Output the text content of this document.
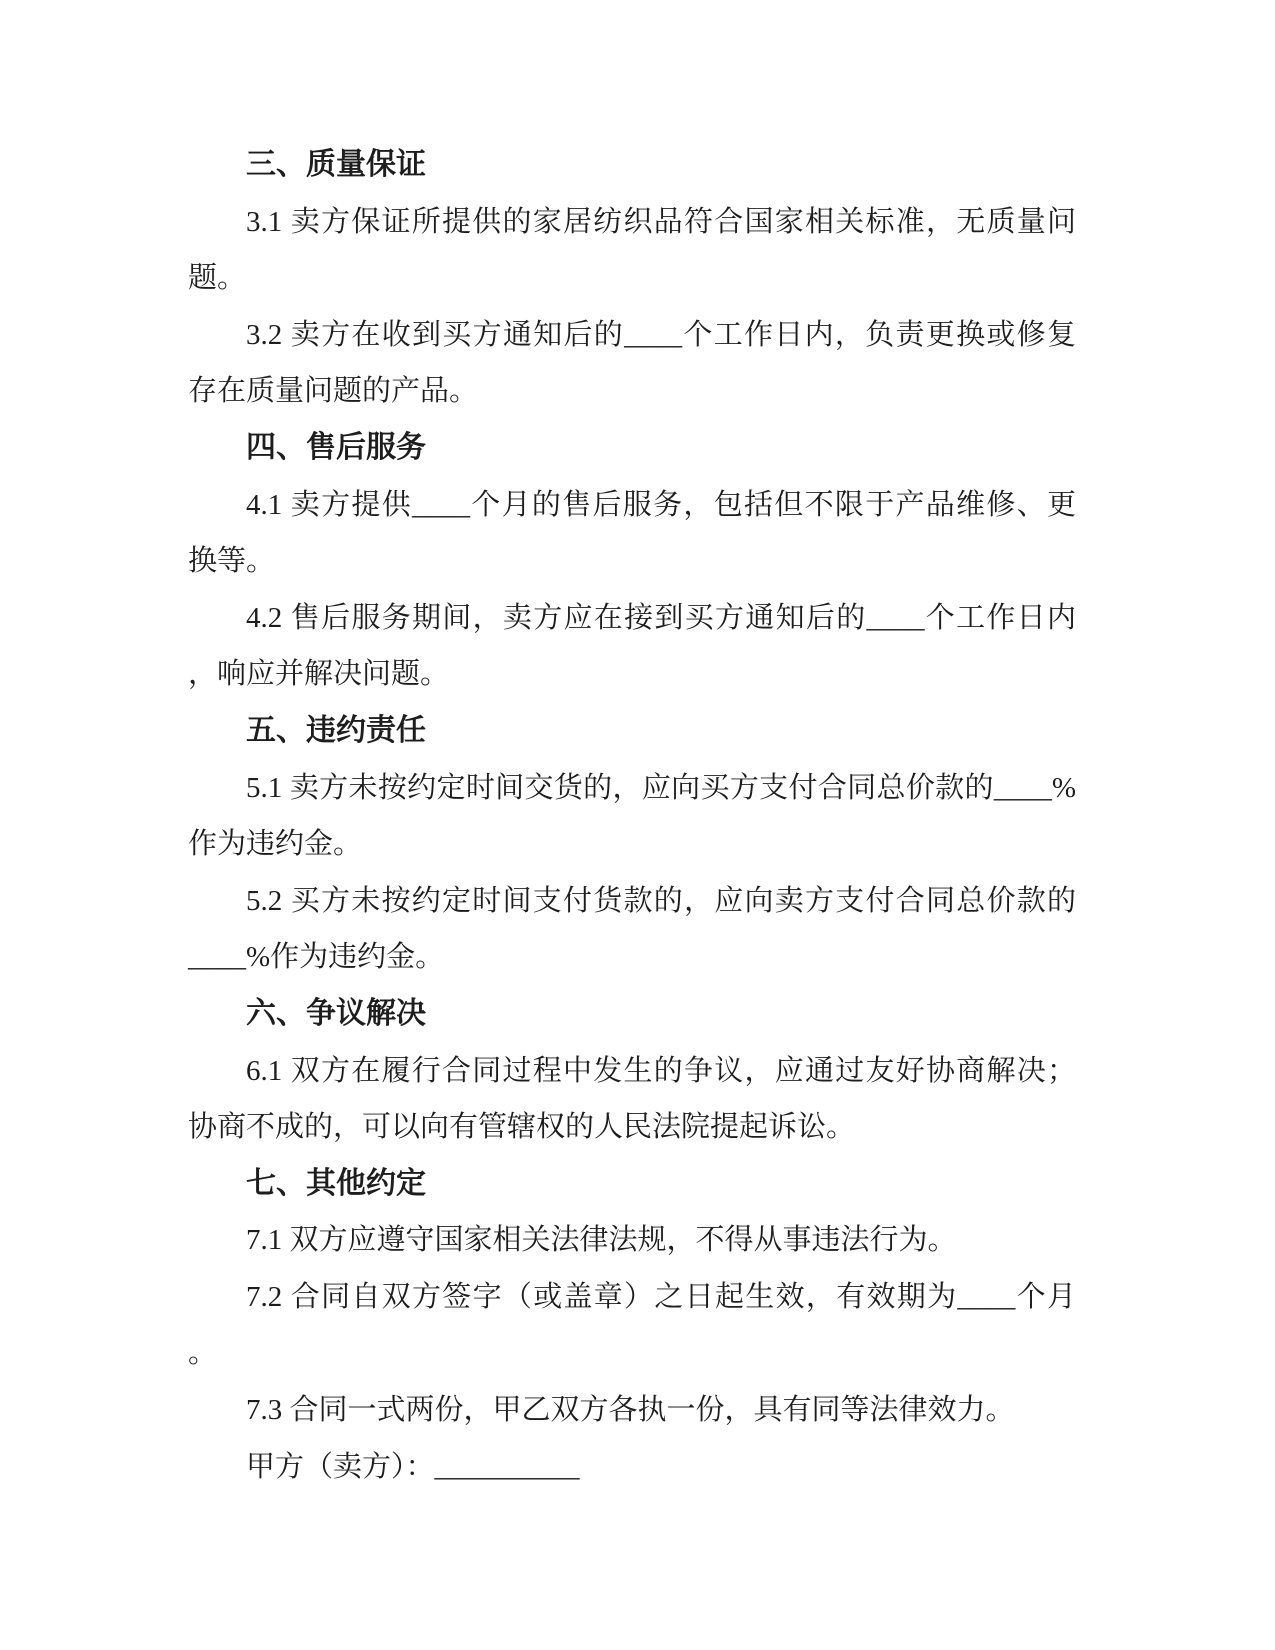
三、质量保证
3.1 卖方保证所提供的家居纺织品符合国家相关标准，无质量问
题。
3.2 卖方在收到买方通知后的____个工作日内，负责更换或修复
存在质量问题的产品。
四、售后服务
4.1 卖方提供____个月的售后服务，包括但不限于产品维修、更
换等。
4.2 售后服务期间，卖方应在接到买方通知后的____个工作日内
，响应并解决问题。
五、违约责任
5.1 卖方未按约定时间交货的，应向买方支付合同总价款的____%
作为违约金。
5.2 买方未按约定时间支付货款的，应向卖方支付合同总价款的
____%作为违约金。
六、争议解决
6.1 双方在履行合同过程中发生的争议，应通过友好协商解决；
协商不成的，可以向有管辖权的人民法院提起诉讼。
七、其他约定
7.1 双方应遵守国家相关法律法规，不得从事违法行为。
7.2 合同自双方签字（或盖章）之日起生效，有效期为____个月
。
7.3 合同一式两份，甲乙双方各执一份，具有同等法律效力。
甲方（卖方）：__________
